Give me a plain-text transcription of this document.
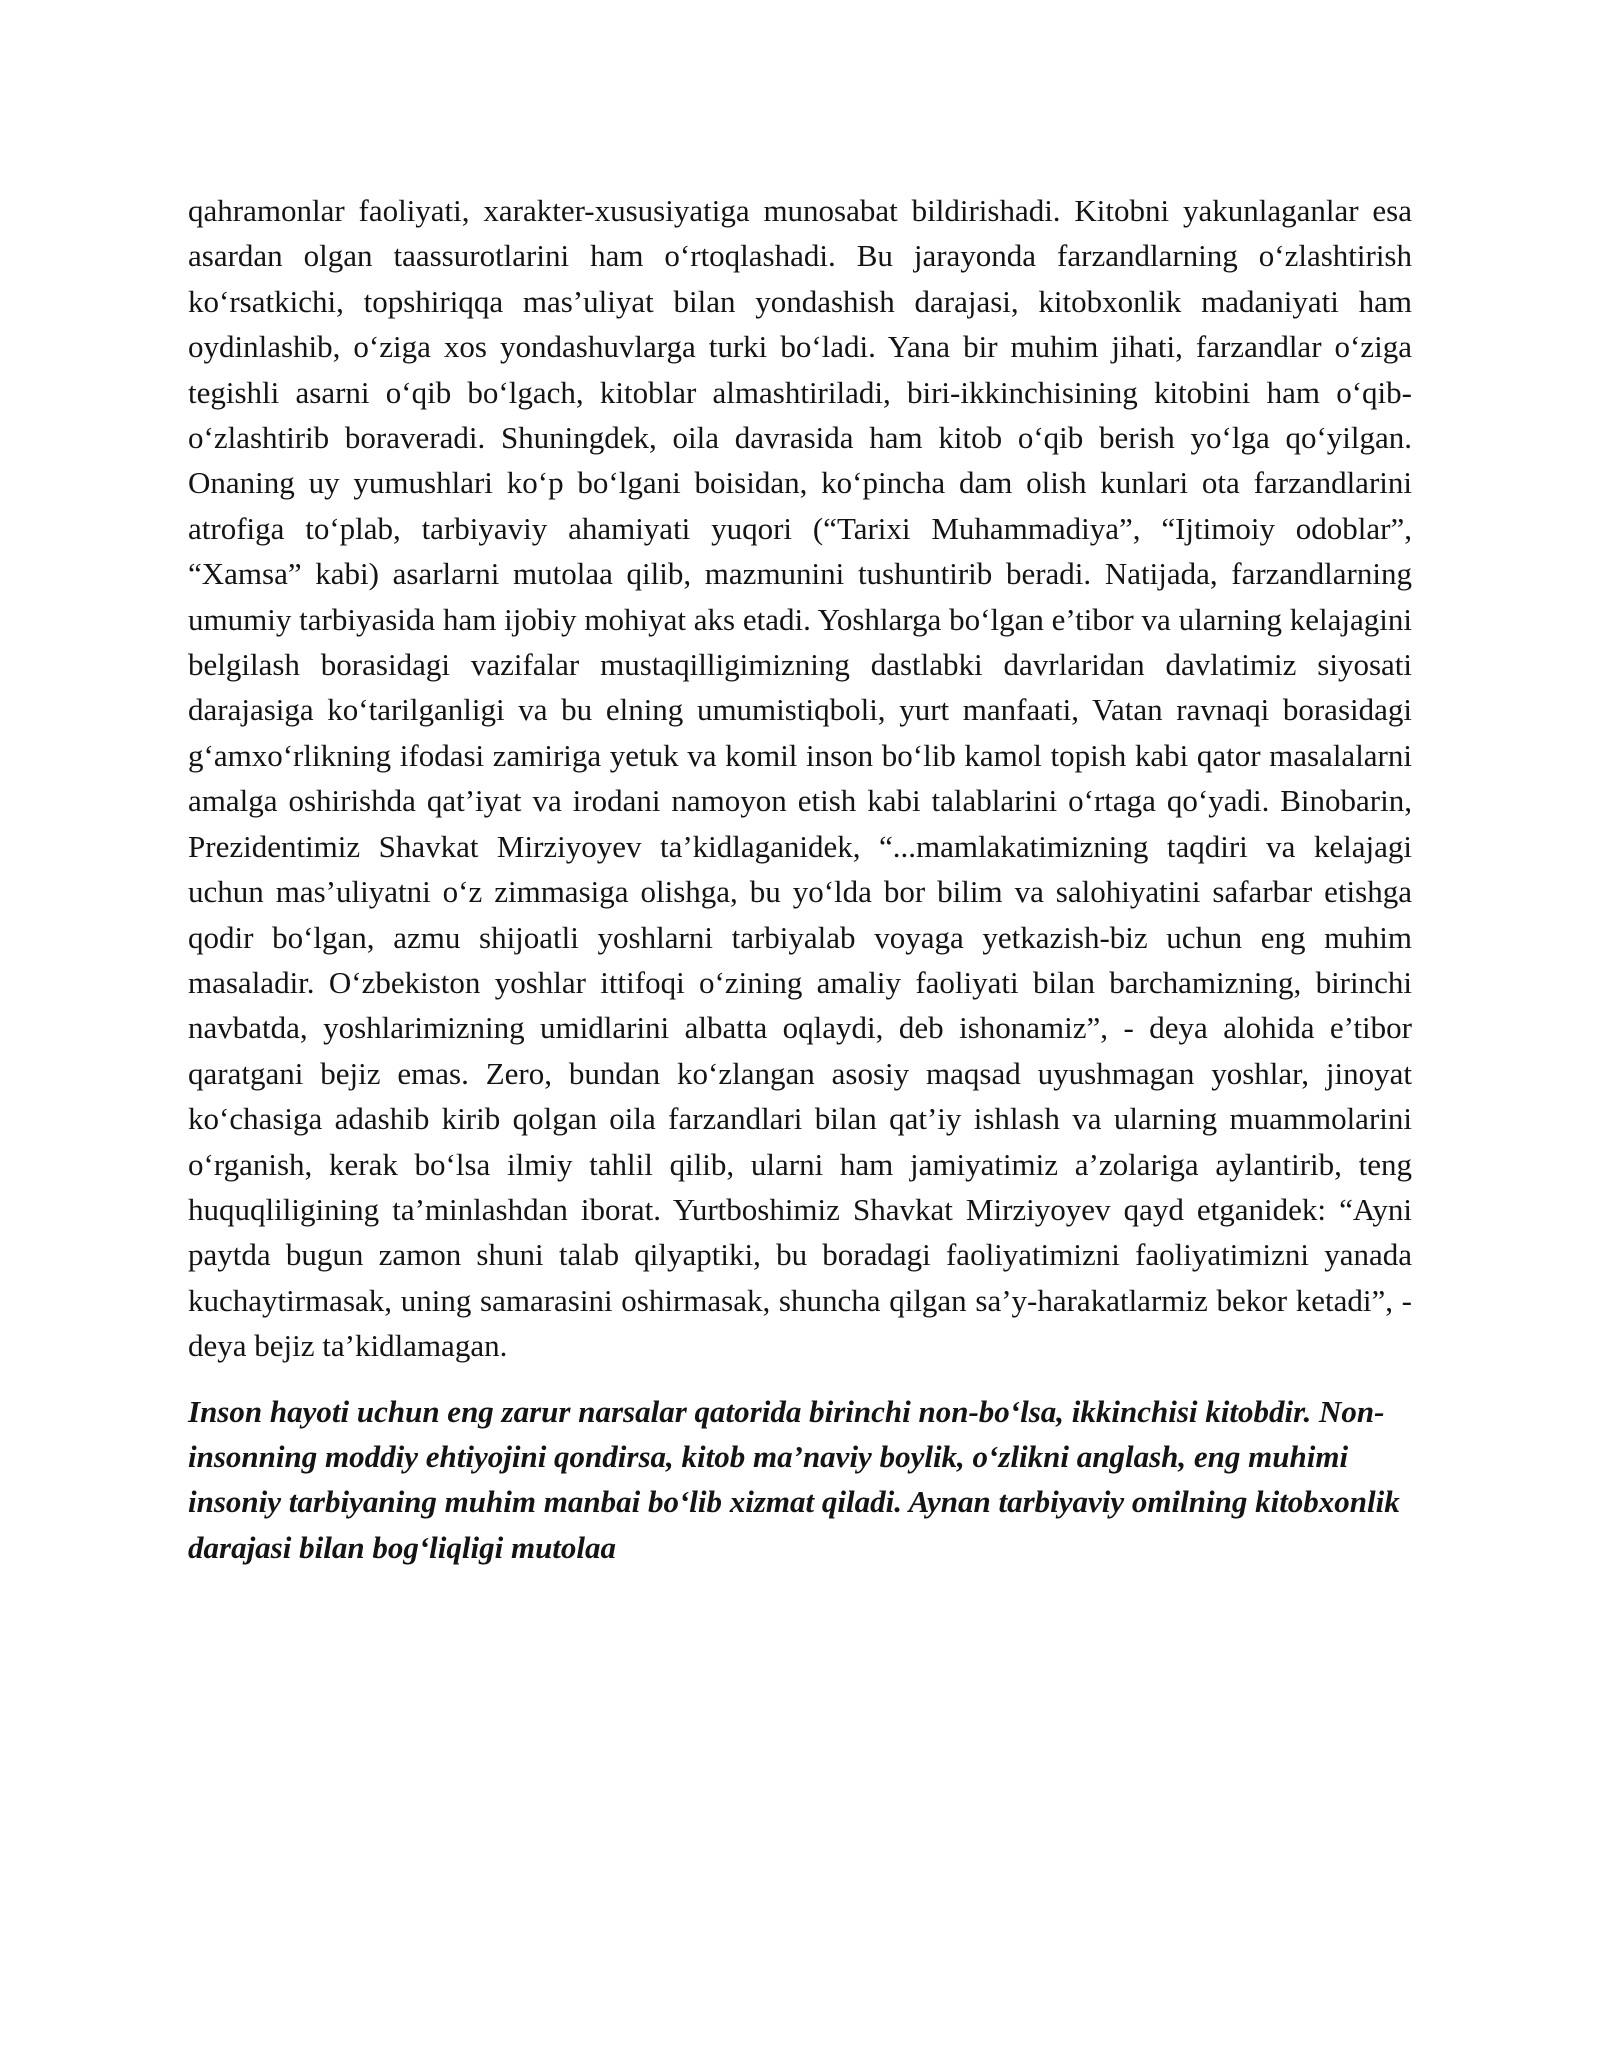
qahramonlar faoliyati, xarakter-xususiyatiga munosabat bildirishadi. Kitobni yakunlaganlar esa asardan olgan taassurotlarini ham o‘rtoqlashadi. Bu jarayonda farzandlarning o‘zlashtirish ko‘rsatkichi, topshiriqqa mas’uliyat bilan yondashish darajasi, kitobxonlik madaniyati ham oydinlashib, o‘ziga xos yondashuvlarga turki bo‘ladi. Yana bir muhim jihati, farzandlar o‘ziga tegishli asarni o‘qib bo‘lgach, kitoblar almashtiriladi, biri-ikkinchisining kitobini ham o‘qib-o‘zlashtirib boraveradi. Shuningdek, oila davrasida ham kitob o‘qib berish yo‘lga qo‘yilgan. Onaning uy yumushlari ko‘p bo‘lgani boisidan, ko‘pincha dam olish kunlari ota farzandlarini atrofiga to‘plab, tarbiyaviy ahamiyati yuqori (“Tarixi Muhammadiya”, “Ijtimoiy odoblar”, “Xamsa” kabi) asarlarni mutolaa qilib, mazmunini tushuntirib beradi. Natijada, farzandlarning umumiy tarbiyasida ham ijobiy mohiyat aks etadi. Yoshlarga bo‘lgan e’tibor va ularning kelajagini belgilash borasidagi vazifalar mustaqilligimizning dastlabki davrlaridan davlatimiz siyosati darajasiga ko‘tarilganligi va bu elning umumistiqboli, yurt manfaati, Vatan ravnaqi borasidagi g‘amxo‘rlikning ifodasi zamiriga yetuk va komil inson bo‘lib kamol topish kabi qator masalalarni amalga oshirishda qat’iyat va irodani namoyon etish kabi talablarini o‘rtaga qo‘yadi. Binobarin, Prezidentimiz Shavkat Mirziyoyev ta’kidlaganidek, “...mamlakatimizning taqdiri va kelajagi uchun mas’uliyatni o‘z zimmasiga olishga, bu yo‘lda bor bilim va salohiyatini safarbar etishga qodir bo‘lgan, azmu shijoatli yoshlarni tarbiyalab voyaga yetkazish-biz uchun eng muhim masaladir. O‘zbekiston yoshlar ittifoqi o‘zining amaliy faoliyati bilan barchamizning, birinchi navbatda, yoshlarimizning umidlarini albatta oqlaydi, deb ishonamiz”, - deya alohida e’tibor qaratgani bejiz emas. Zero, bundan ko‘zlangan asosiy maqsad uyushmagan yoshlar, jinoyat ko‘chasiga adashib kirib qolgan oila farzandlari bilan qat’iy ishlash va ularning muammolarini o‘rganish, kerak bo‘lsa ilmiy tahlil qilib, ularni ham jamiyatimiz a’zolariga aylantirib, teng huquqliligining ta’minlashdan iborat. Yurtboshimiz Shavkat Mirziyoyev qayd etganidek: “Ayni paytda bugun zamon shuni talab qilyaptiki, bu boradagi faoliyatimizni faoliyatimizni yanada kuchaytirmasak, uning samarasini oshirmasak, shuncha qilgan sa’y-harakatlarmiz bekor ketadi”, - deya bejiz ta’kidlamagan.

Inson hayoti uchun eng zarur narsalar qatorida birinchi non-bo‘lsa, ikkinchisi kitobdir. Non-insonning moddiy ehtiyojini qondirsa, kitob ma’naviy boylik, o‘zlikni anglash, eng muhimi insoniy tarbiyaning muhim manbai bo‘lib xizmat qiladi. Aynan tarbiyaviy omilning kitobxonlik darajasi bilan bog‘liqligi mutolaa
